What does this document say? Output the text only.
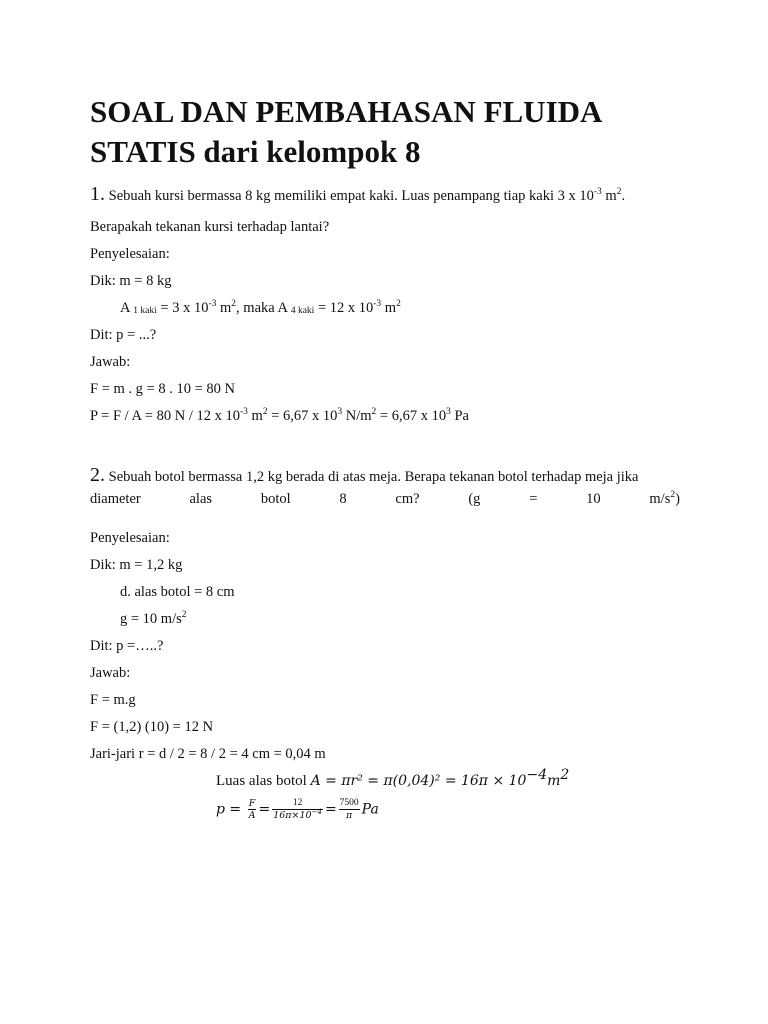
SOAL DAN PEMBAHASAN FLUIDA STATIS dari kelompok 8
1. Sebuah kursi bermassa 8 kg memiliki empat kaki. Luas penampang tiap kaki 3 x $10^{-3}$ $m^2$.
Berapakah tekanan kursi terhadap lantai?
Penyelesaian:
Dik: m = 8 kg
A $_{1 kaki}$ = 3 x $10^{-3}$ $m^2$, maka A $_{4 kaki}$ = 12 x $10^{-3}$ $m^2$
Dit: p = ...?
Jawab:
F = m . g = 8 . 10 = 80 N
P = F / A = 80 N / 12 x $10^{-3}$ $m^2 = 6,67$ x $10^3$ $N/m^2 = 6,67$ x $10^3$ Pa
2. Sebuah botol bermassa 1,2 kg berada di atas meja. Berapa tekanan botol terhadap meja jika
diameter	alas	botol	8	cm?	(g	=	10	$m/s^2$)
Penyelesaian:
Dik: m = 1,2 kg
d. alas botol = 8 cm
g = 10 $m/s^2$
Dit: p =…..?
Jawab:
F = m.g
F = (1,2) (10) = 12 N
Jari-jari r = d / 2 = 8 / 2 = 4 cm = 0,04 m
Luas alas botol $A = \pi r^2 = \pi(0,04)^2 = 16\pi \times 10^{-4}m^2$
$p = \frac{F}{A} = \frac{12}{16\pi\times 10^{-4}} = \frac{7500}{\pi}$ Pa
